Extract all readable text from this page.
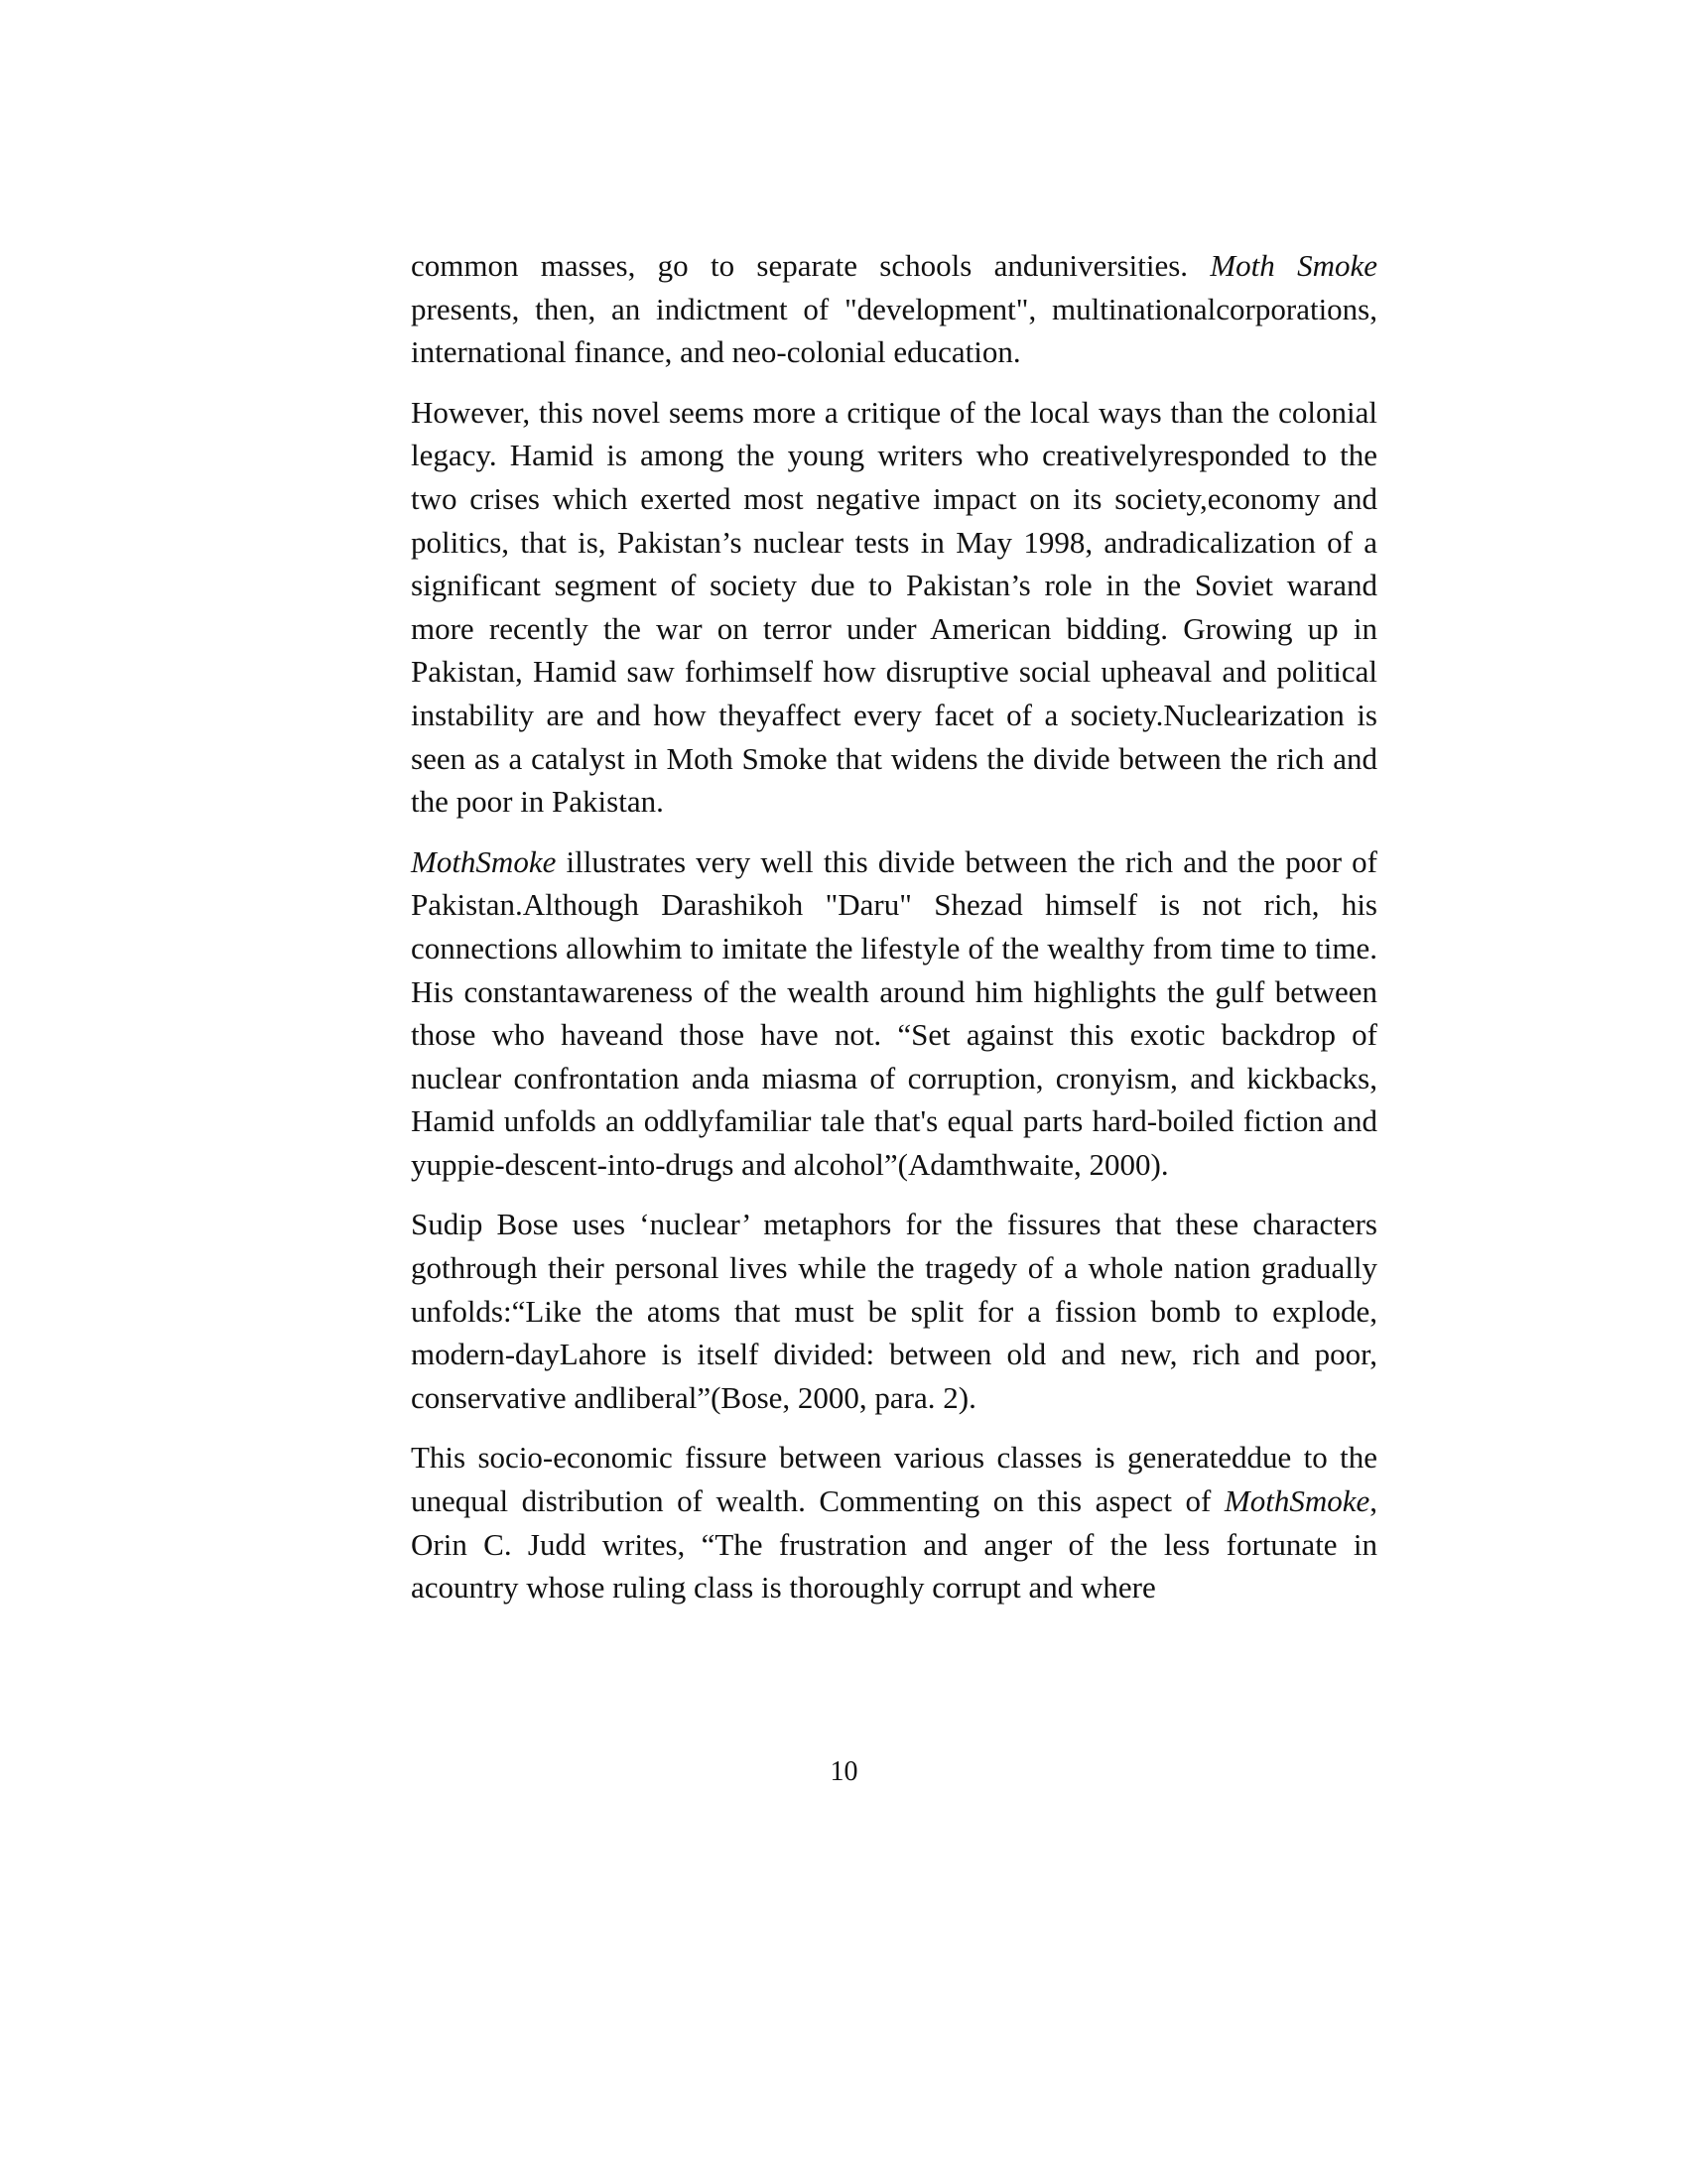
common masses, go to separate schools anduniversities. Moth Smoke presents, then, an indictment of "development", multinationalcorporations, international finance, and neo-colonial education.

However, this novel seems more a critique of the local ways than the colonial legacy. Hamid is among the young writers who creativelyresponded to the two crises which exerted most negative impact on its society,economy and politics, that is, Pakistan’s nuclear tests in May 1998, andradicalization of a significant segment of society due to Pakistan’s role in the Soviet warand more recently the war on terror under American bidding. Growing up in Pakistan, Hamid saw forhimself how disruptive social upheaval and political instability are and how theyaffect every facet of a society.Nuclearization is seen as a catalyst in Moth Smoke that widens the divide between the rich and the poor in Pakistan.

MothSmoke illustrates very well this divide between the rich and the poor of Pakistan.Although Darashikoh "Daru" Shezad himself is not rich, his connections allowhim to imitate the lifestyle of the wealthy from time to time. His constantawareness of the wealth around him highlights the gulf between those who haveand those have not. “Set against this exotic backdrop of nuclear confrontation anda miasma of corruption, cronyism, and kickbacks, Hamid unfolds an oddlyfamiliar tale that's equal parts hard-boiled fiction and yuppie-descent-into-drugs and alcohol”(Adamthwaite, 2000).

Sudip Bose uses ‘nuclear’ metaphors for the fissures that these characters gothrough their personal lives while the tragedy of a whole nation gradually unfolds:“Like the atoms that must be split for a fission bomb to explode, modern-dayLahore is itself divided: between old and new, rich and poor, conservative andliberal”(Bose, 2000, para. 2).

This socio-economic fissure between various classes is generateddue to the unequal distribution of wealth. Commenting on this aspect of MothSmoke, Orin C. Judd writes, “The frustration and anger of the less fortunate in acountry whose ruling class is thoroughly corrupt and where

10
